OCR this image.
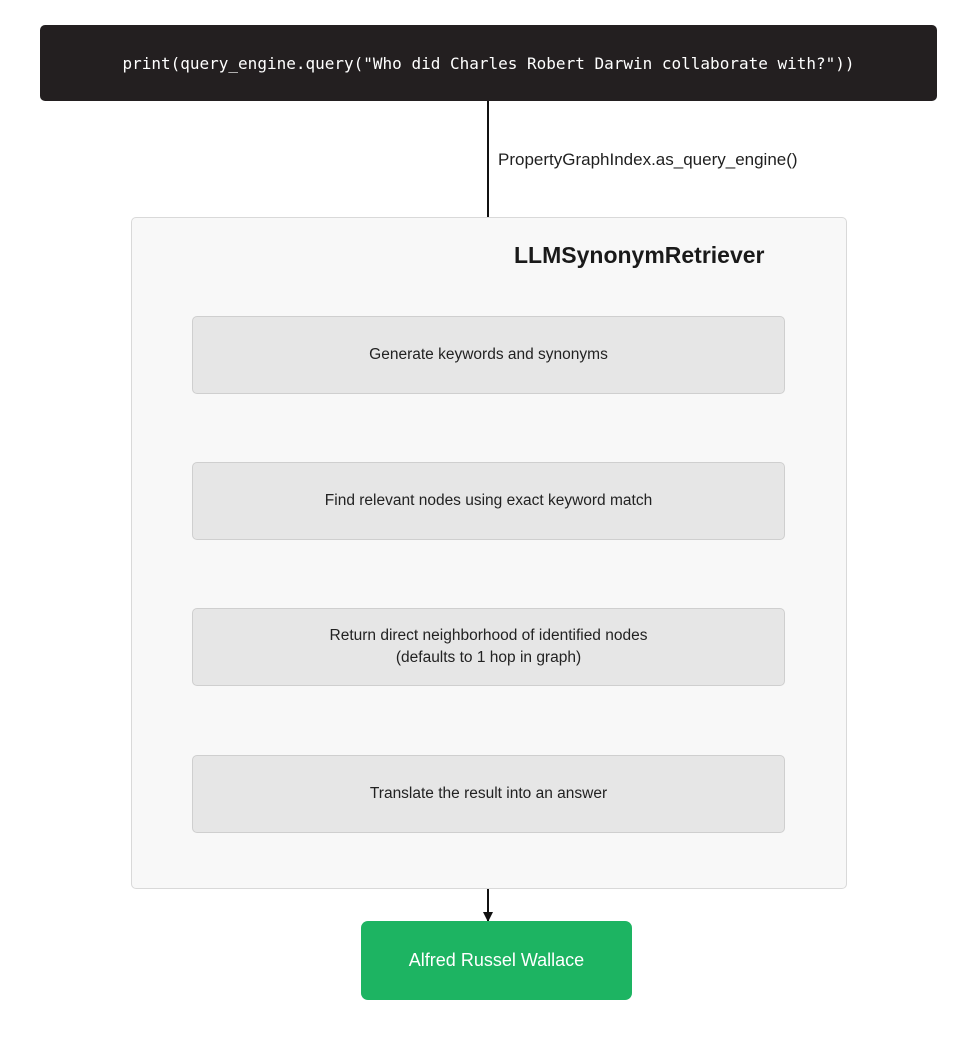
print(query_engine.query("Who did Charles Robert Darwin collaborate with?"))
PropertyGraphIndex.as_query_engine()
LLMSynonymRetriever
Generate keywords and synonyms
Find relevant nodes using exact keyword match
Return direct neighborhood of identified nodes
(defaults to 1 hop in graph)
Translate the result into an answer
Alfred Russel Wallace
